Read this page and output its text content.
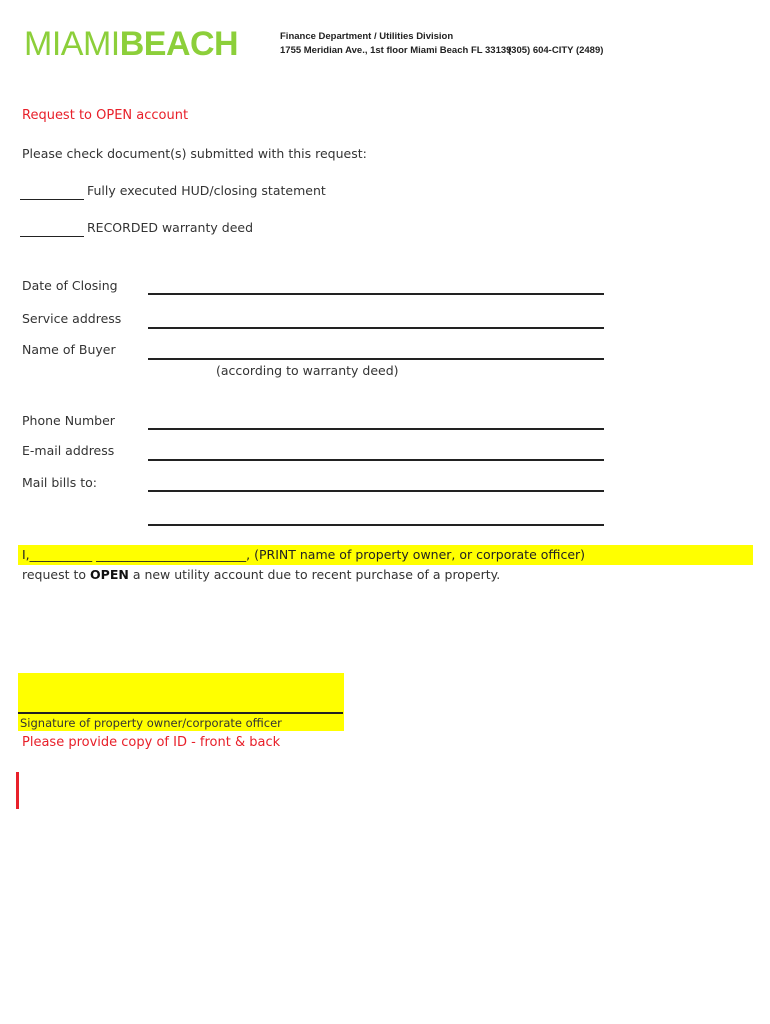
MIAMIBEACH	Finance Department / Utilities Division
1755 Meridian Ave., 1st floor Miami Beach FL 33139
(305) 604-CITY (2489)
Request to OPEN account
Please check document(s) submitted with this request:
Fully executed HUD/closing statement
RECORDED warranty deed
Date of Closing
Service address
Name of Buyer
(according to warranty deed)
Phone Number
E-mail address
Mail bills to:
I,__________ ________________________, (PRINT name of property owner, or corporate officer)
request to OPEN a new utility account due to recent purchase of a property.
Signature of property owner/corporate officer
Please provide copy of ID - front & back
